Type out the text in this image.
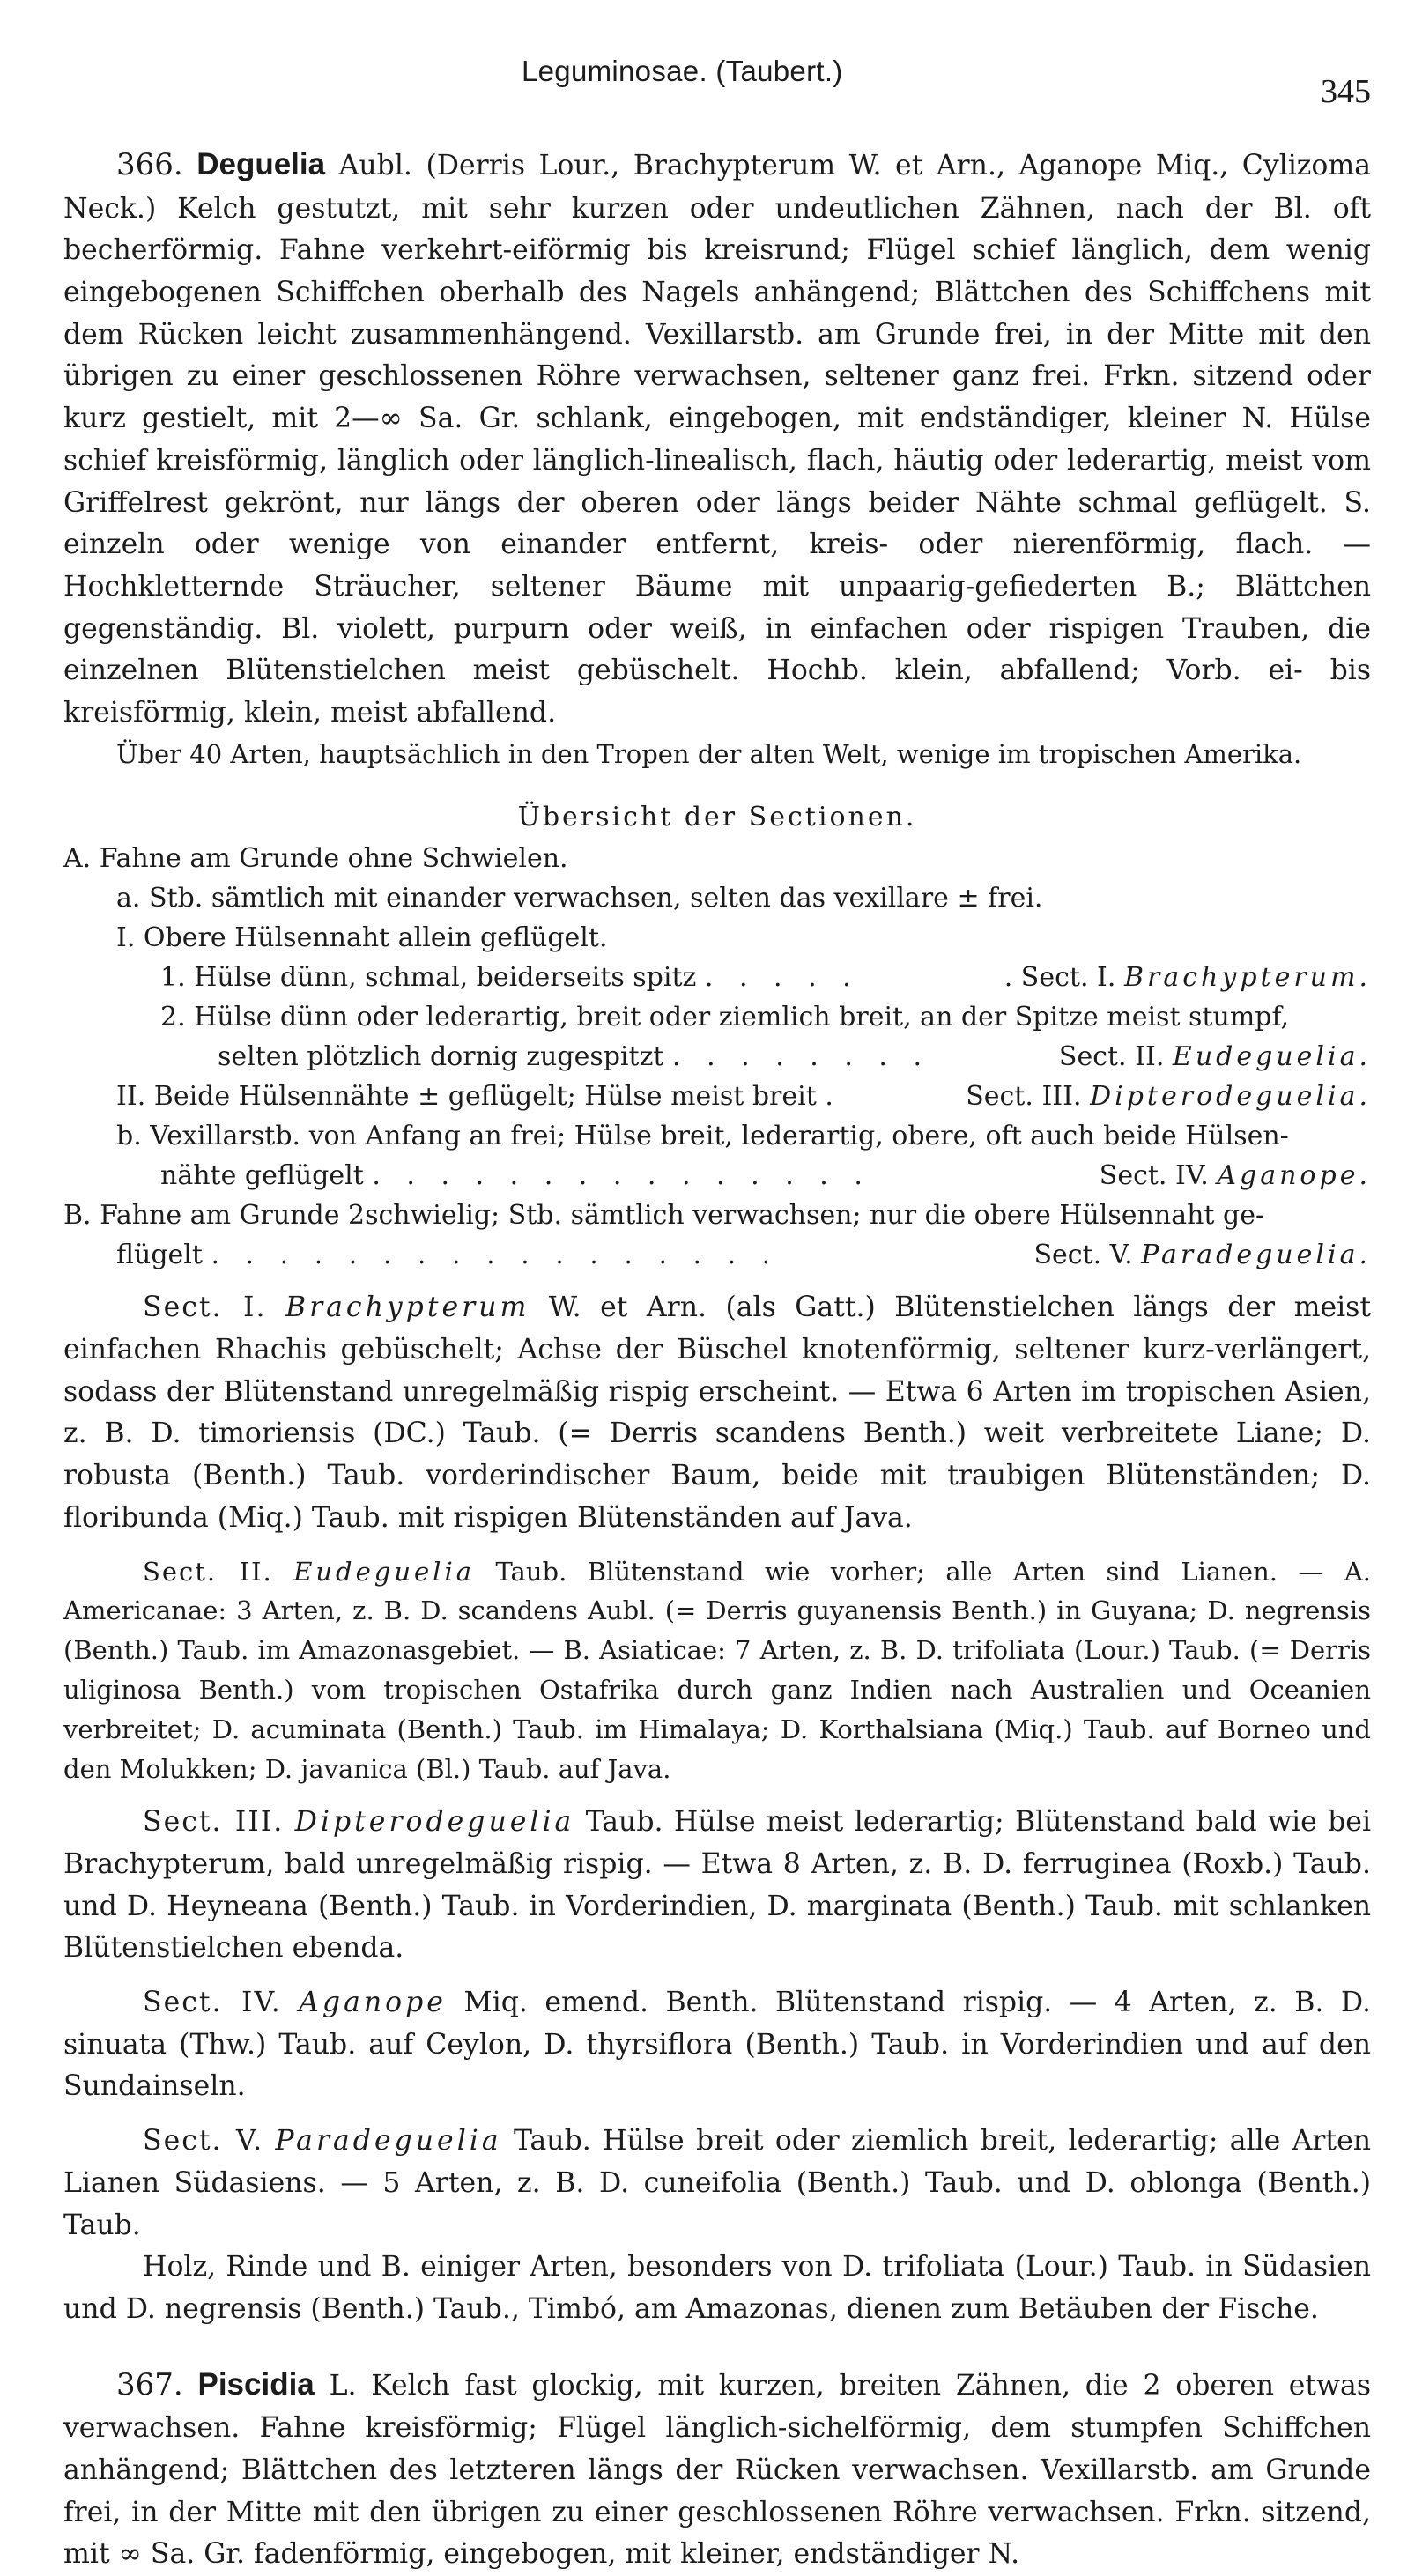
Leguminosae. (Taubert.)
345

366. Deguelia Aubl. (Derris Lour., Brachypterum W. et Arn., Aganope Miq., Cylizoma Neck.) Kelch gestutzt, mit sehr kurzen oder undeutlichen Zähnen, nach der Bl. oft becherförmig. Fahne verkehrt-eiförmig bis kreisrund; Flügel schief länglich, dem wenig eingebogenen Schiffchen oberhalb des Nagels anhängend; Blättchen des Schiffchens mit dem Rücken leicht zusammenhängend. Vexillarstb. am Grunde frei, in der Mitte mit den übrigen zu einer geschlossenen Röhre verwachsen, seltener ganz frei. Frkn. sitzend oder kurz gestielt, mit 2—∞ Sa. Gr. schlank, eingebogen, mit endständiger, kleiner N. Hülse schief kreisförmig, länglich oder länglich-linealisch, flach, häutig oder lederartig, meist vom Griffelrest gekrönt, nur längs der oberen oder längs beider Nähte schmal geflügelt. S. einzeln oder wenige von einander entfernt, kreis- oder nierenförmig, flach. — Hochkletternde Sträucher, seltener Bäume mit unpaarig-gefiederten B.; Blättchen gegenständig. Bl. violett, purpurn oder weiß, in einfachen oder rispigen Trauben, die einzelnen Blütenstielchen meist gebüschelt. Hochb. klein, abfallend; Vorb. ei- bis kreisförmig, klein, meist abfallend.

Über 40 Arten, hauptsächlich in den Tropen der alten Welt, wenige im tropischen Amerika.

Übersicht der Sectionen.
A. Fahne am Grunde ohne Schwielen.
a. Stb. sämtlich mit einander verwachsen, selten das vexillare ± frei.
I. Obere Hülsennaht allein geflügelt.
1. Hülse dünn, schmal, beiderseits spitz . . . . .	. Sect. I. Brachypterum.
2. Hülse dünn oder lederartig, breit oder ziemlich breit, an der Spitze meist stumpf,
selten plötzlich dornig zugespitzt . . . . . . . .	Sect. II. Eudeguelia.
II. Beide Hülsennähte ± geflügelt; Hülse meist breit .	Sect. III. Dipterodeguelia.
b. Vexillarstb. von Anfang an frei; Hülse breit, lederartig, obere, oft auch beide Hülsen-
nähte geflügelt . . . . . . . . . . . . . . .	Sect. IV. Aganope.
B. Fahne am Grunde 2schwielig; Stb. sämtlich verwachsen; nur die obere Hülsennaht ge-
flügelt . . . . . . . . . . . . . . . . .	Sect. V. Paradeguelia.

Sect. I. Brachypterum W. et Arn. (als Gatt.) Blütenstielchen längs der meist einfachen Rhachis gebüschelt; Achse der Büschel knotenförmig, seltener kurz-verlängert, sodass der Blütenstand unregelmäßig rispig erscheint. — Etwa 6 Arten im tropischen Asien, z. B. D. timoriensis (DC.) Taub. (= Derris scandens Benth.) weit verbreitete Liane; D. robusta (Benth.) Taub. vorderindischer Baum, beide mit traubigen Blütenständen; D. floribunda (Miq.) Taub. mit rispigen Blütenständen auf Java.

Sect. II. Eudeguelia Taub. Blütenstand wie vorher; alle Arten sind Lianen. — A. Americanae: 3 Arten, z. B. D. scandens Aubl. (= Derris guyanensis Benth.) in Guyana; D. negrensis (Benth.) Taub. im Amazonasgebiet. — B. Asiaticae: 7 Arten, z. B. D. trifoliata (Lour.) Taub. (= Derris uliginosa Benth.) vom tropischen Ostafrika durch ganz Indien nach Australien und Oceanien verbreitet; D. acuminata (Benth.) Taub. im Himalaya; D. Korthalsiana (Miq.) Taub. auf Borneo und den Molukken; D. javanica (Bl.) Taub. auf Java.

Sect. III. Dipterodeguelia Taub. Hülse meist lederartig; Blütenstand bald wie bei Brachypterum, bald unregelmäßig rispig. — Etwa 8 Arten, z. B. D. ferruginea (Roxb.) Taub. und D. Heyneana (Benth.) Taub. in Vorderindien, D. marginata (Benth.) Taub. mit schlanken Blütenstielchen ebenda.

Sect. IV. Aganope Miq. emend. Benth. Blütenstand rispig. — 4 Arten, z. B. D. sinuata (Thw.) Taub. auf Ceylon, D. thyrsiflora (Benth.) Taub. in Vorderindien und auf den Sundainseln.

Sect. V. Paradeguelia Taub. Hülse breit oder ziemlich breit, lederartig; alle Arten Lianen Südasiens. — 5 Arten, z. B. D. cuneifolia (Benth.) Taub. und D. oblonga (Benth.) Taub.

Holz, Rinde und B. einiger Arten, besonders von D. trifoliata (Lour.) Taub. in Südasien und D. negrensis (Benth.) Taub., Timbó, am Amazonas, dienen zum Betäuben der Fische.

367. Piscidia L. Kelch fast glockig, mit kurzen, breiten Zähnen, die 2 oberen etwas verwachsen. Fahne kreisförmig; Flügel länglich-sichelförmig, dem stumpfen Schiffchen anhängend; Blättchen des letzteren längs der Rücken verwachsen. Vexillarstb. am Grunde frei, in der Mitte mit den übrigen zu einer geschlossenen Röhre verwachsen. Frkn. sitzend, mit ∞ Sa. Gr. fadenförmig, eingebogen, mit kleiner, endständiger N.
